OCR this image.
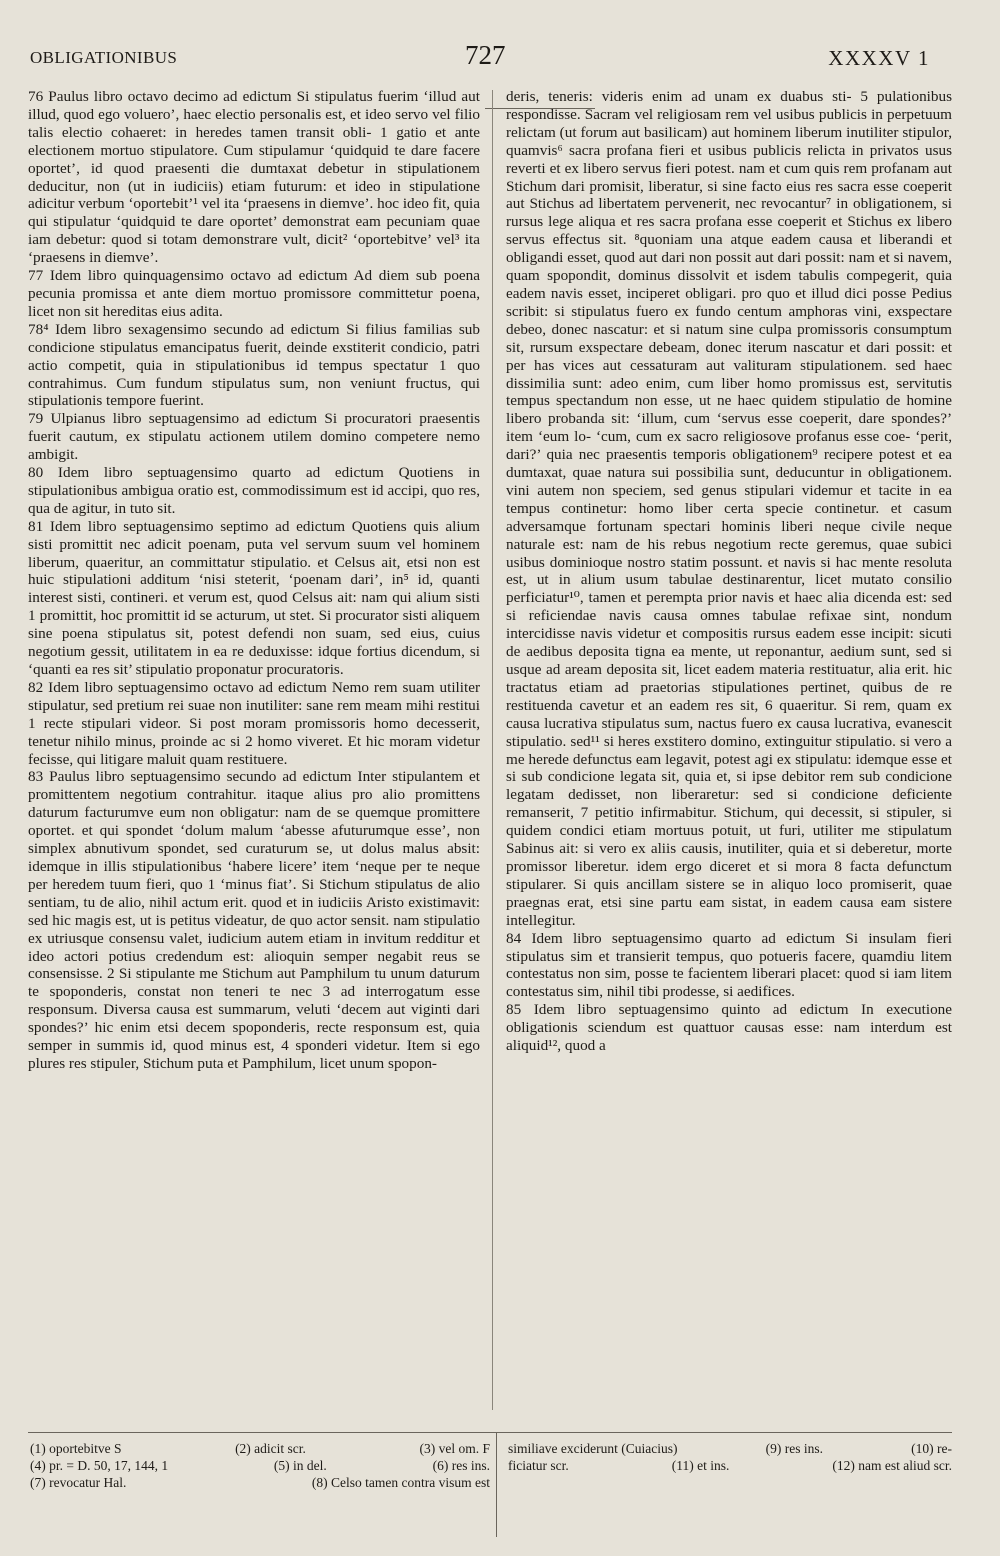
OBLIGATIONIBUS	727	XXXXV 1

76 Paulus libro octavo decimo ad edictum Si stipulatus fuerim ‘illud aut illud, quod ego voluero’, haec electio personalis est, et ideo servo vel filio talis electio cohaeret: in heredes tamen transit obli- 1 gatio et ante electionem mortuo stipulatore. Cum stipulamur ‘quidquid te dare facere oportet’, id quod praesenti die dumtaxat debetur in stipulationem deducitur, non (ut in iudiciis) etiam futurum: et ideo in stipulatione adicitur verbum ‘oportebit’¹ vel ita ‘praesens in diemve’. hoc ideo fit, quia qui stipulatur ‘quidquid te dare oportet’ demonstrat eam pecuniam quae iam debetur: quod si totam demonstrare vult, dicit² ‘oportebitve’ vel³ ita ‘praesens in diemve’.

77 Idem libro quinquagensimo octavo ad edictum Ad diem sub poena pecunia promissa et ante diem mortuo promissore committetur poena, licet non sit hereditas eius adita.

78⁴ Idem libro sexagensimo secundo ad edictum Si filius familias sub condicione stipulatus emancipatus fuerit, deinde exstiterit condicio, patri actio competit, quia in stipulationibus id tempus spectatur 1 quo contrahimus. Cum fundum stipulatus sum, non veniunt fructus, qui stipulationis tempore fuerint.

79 Ulpianus libro septuagensimo ad edictum Si procuratori praesentis fuerit cautum, ex stipulatu actionem utilem domino competere nemo ambigit.

80 Idem libro septuagensimo quarto ad edictum Quotiens in stipulationibus ambigua oratio est, commodissimum est id accipi, quo res, qua de agitur, in tuto sit.

81 Idem libro septuagensimo septimo ad edictum Quotiens quis alium sisti promittit nec adicit poenam, puta vel servum suum vel hominem liberum, quaeritur, an committatur stipulatio. et Celsus ait, etsi non est huic stipulationi additum ‘nisi steterit, ‘poenam dari’, in⁵ id, quanti interest sisti, contineri. et verum est, quod Celsus ait: nam qui alium sisti 1 promittit, hoc promittit id se acturum, ut stet. Si procurator sisti aliquem sine poena stipulatus sit, potest defendi non suam, sed eius, cuius negotium gessit, utilitatem in ea re deduxisse: idque fortius dicendum, si ‘quanti ea res sit’ stipulatio proponatur procuratoris.

82 Idem libro septuagensimo octavo ad edictum Nemo rem suam utiliter stipulatur, sed pretium rei suae non inutiliter: sane rem meam mihi restitui 1 recte stipulari videor. Si post moram promissoris homo decesserit, tenetur nihilo minus, proinde ac si 2 homo viveret. Et hic moram videtur fecisse, qui litigare maluit quam restituere.

83 Paulus libro septuagensimo secundo ad edictum Inter stipulantem et promittentem negotium contrahitur. itaque alius pro alio promittens daturum facturumve eum non obligatur: nam de se quemque promittere oportet. et qui spondet ‘dolum malum ‘abesse afuturumque esse’, non simplex abnutivum spondet, sed curaturum se, ut dolus malus absit: idemque in illis stipulationibus ‘habere licere’ item ‘neque per te neque per heredem tuum fieri, quo 1 ‘minus fiat’. Si Stichum stipulatus de alio sentiam, tu de alio, nihil actum erit. quod et in iudiciis Aristo existimavit: sed hic magis est, ut is petitus videatur, de quo actor sensit. nam stipulatio ex utriusque consensu valet, iudicium autem etiam in invitum redditur et ideo actori potius credendum est: alioquin semper negabit reus se consensisse. 2 Si stipulante me Stichum aut Pamphilum tu unum daturum te spoponderis, constat non teneri te nec 3 ad interrogatum esse responsum. Diversa causa est summarum, veluti ‘decem aut viginti dari spondes?’ hic enim etsi decem spoponderis, recte responsum est, quia semper in summis id, quod minus est, 4 sponderi videtur. Item si ego plures res stipuler, Stichum puta et Pamphilum, licet unum spopon-

deris, teneris: videris enim ad unam ex duabus sti- 5 pulationibus respondisse. Sacram vel religiosam rem vel usibus publicis in perpetuum relictam (ut forum aut basilicam) aut hominem liberum inutiliter stipulor, quamvis⁶ sacra profana fieri et usibus publicis relicta in privatos usus reverti et ex libero servus fieri potest. nam et cum quis rem profanam aut Stichum dari promisit, liberatur, si sine facto eius res sacra esse coeperit aut Stichus ad libertatem pervenerit, nec revocantur⁷ in obligationem, si rursus lege aliqua et res sacra profana esse coeperit et Stichus ex libero servus effectus sit. ⁸quoniam una atque eadem causa et liberandi et obligandi esset, quod aut dari non possit aut dari possit: nam et si navem, quam spopondit, dominus dissolvit et isdem tabulis compegerit, quia eadem navis esset, inciperet obligari. pro quo et illud dici posse Pedius scribit: si stipulatus fuero ex fundo centum amphoras vini, exspectare debeo, donec nascatur: et si natum sine culpa promissoris consumptum sit, rursum exspectare debeam, donec iterum nascatur et dari possit: et per has vices aut cessaturam aut valituram stipulationem. sed haec dissimilia sunt: adeo enim, cum liber homo promissus est, servitutis tempus spectandum non esse, ut ne haec quidem stipulatio de homine libero probanda sit: ‘illum, cum ‘servus esse coeperit, dare spondes?’ item ‘eum lo- ‘cum, cum ex sacro religiosove profanus esse coe- ‘perit, dari?’ quia nec praesentis temporis obligationem⁹ recipere potest et ea dumtaxat, quae natura sui possibilia sunt, deducuntur in obligationem. vini autem non speciem, sed genus stipulari videmur et tacite in ea tempus continetur: homo liber certa specie continetur. et casum adversamque fortunam spectari hominis liberi neque civile neque naturale est: nam de his rebus negotium recte geremus, quae subici usibus dominioque nostro statim possunt. et navis si hac mente resoluta est, ut in alium usum tabulae destinarentur, licet mutato consilio perficiatur¹⁰, tamen et perempta prior navis et haec alia dicenda est: sed si reficiendae navis causa omnes tabulae refixae sint, nondum intercidisse navis videtur et compositis rursus eadem esse incipit: sicuti de aedibus deposita tigna ea mente, ut reponantur, aedium sunt, sed si usque ad aream deposita sit, licet eadem materia restituatur, alia erit. hic tractatus etiam ad praetorias stipulationes pertinet, quibus de re restituenda cavetur et an eadem res sit, 6 quaeritur. Si rem, quam ex causa lucrativa stipulatus sum, nactus fuero ex causa lucrativa, evanescit stipulatio. sed¹¹ si heres exstitero domino, extinguitur stipulatio. si vero a me herede defunctus eam legavit, potest agi ex stipulatu: idemque esse et si sub condicione legata sit, quia et, si ipse debitor rem sub condicione legatam dedisset, non liberaretur: sed si condicione deficiente remanserit, 7 petitio infirmabitur. Stichum, qui decessit, si stipuler, si quidem condici etiam mortuus potuit, ut furi, utiliter me stipulatum Sabinus ait: si vero ex aliis causis, inutiliter, quia et si deberetur, morte promissor liberetur. idem ergo diceret et si mora 8 facta defunctum stipularer. Si quis ancillam sistere se in aliquo loco promiserit, quae praegnas erat, etsi sine partu eam sistat, in eadem causa eam sistere intellegitur.

84 Idem libro septuagensimo quarto ad edictum Si insulam fieri stipulatus sim et transierit tempus, quo potueris facere, quamdiu litem contestatus non sim, posse te facientem liberari placet: quod si iam litem contestatus sim, nihil tibi prodesse, si aedifices.

85 Idem libro septuagensimo quinto ad edictum In executione obligationis sciendum est quattuor causas esse: nam interdum est aliquid¹², quod a

(1) oportebitve S	(2) adicit scr.	(3) vel om. F
(4) pr. = D. 50, 17, 144, 1	(5) in del.	(6) res ins.
(7) revocatur Hal.	(8) Celso tamen contra visum est
similiave exciderunt (Cuiacius)	(9) res ins.	(10) re-
ficiatur scr.	(11) et ins.	(12) nam est aliud scr.
